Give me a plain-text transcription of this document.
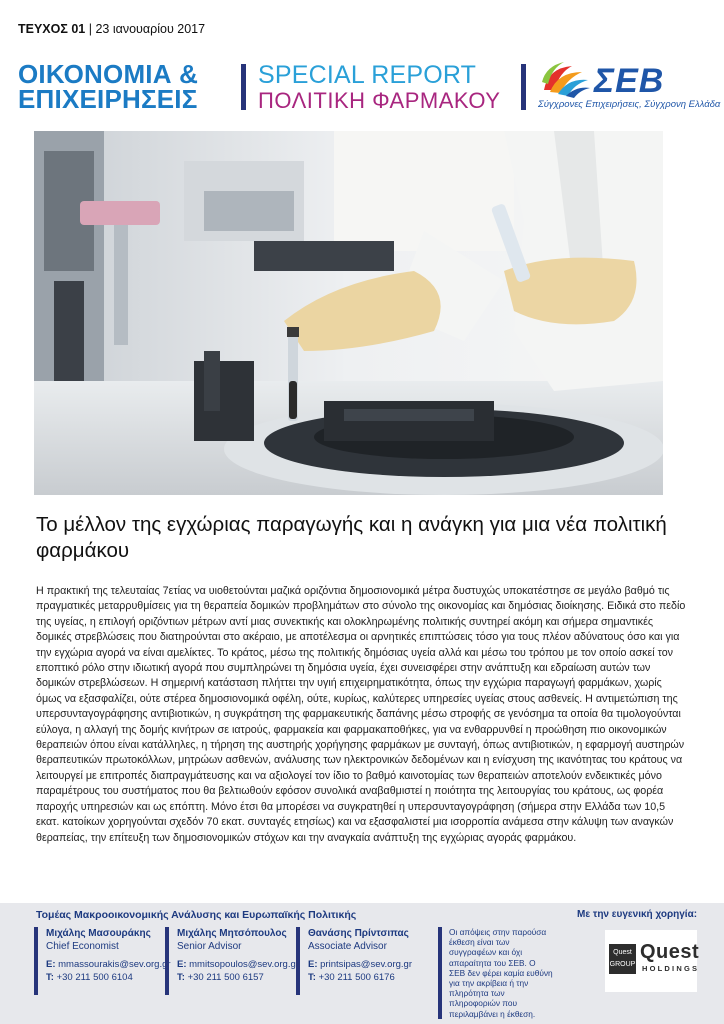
ΤΕΥΧΟΣ 01 | 23 ιανουαρίου 2017
ΟΙΚΟΝΟΜΙΑ &
ΕΠΙΧΕΙΡΗΣΕΙΣ
SPECIAL REPORT
ΠΟΛΙΤΙΚΗ ΦΑΡΜΑΚΟΥ
ΣΕΒ
Σύγχρονες Επιχειρήσεις, Σύγχρονη Ελλάδα
Το μέλλον της εγχώριας παραγωγής και η ανάγκη για μια νέα πολιτική φαρμάκου
Η πρακτική της τελευταίας 7ετίας να υιοθετούνται μαζικά οριζόντια δημοσιονομικά μέτρα δυστυχώς υποκατέστησε σε μεγάλο βαθμό τις πραγματικές μεταρρυθμίσεις για τη θεραπεία δομικών προβλημάτων στο σύνολο της οικονομίας και δημόσιας διοίκησης. Ειδικά στο πεδίο της υγείας, η επιλογή οριζόντιων μέτρων αντί μιας συνεκτικής και ολοκληρωμένης πολιτικής συντηρεί ακόμη και σήμερα σημαντικές δομικές στρεβλώσεις που διατηρούνται στο ακέραιο, με αποτέλεσμα οι αρνητικές επιπτώσεις τόσο για τους πλέον αδύνατους όσο και για την εγχώρια αγορά να είναι αμελίκτες. Το κράτος, μέσω της πολιτικής δημόσιας υγεία αλλά και μέσω του τρόπου με τον οποίο ασκεί τον εποπτικό ρόλο στην ιδιωτική αγορά που συμπληρώνει τη δημόσια υγεία, έχει συνεισφέρει στην ανάπτυξη και εδραίωση αυτών των δομικών στρεβλώσεων. Η σημερινή κατάσταση πλήττει την υγιή επιχειρηματικότητα, όπως την εγχώρια παραγωγή φαρμάκων, χωρίς όμως να εξασφαλίζει, ούτε στέρεα δημοσιονομικά οφέλη, ούτε, κυρίως, καλύτερες υπηρεσίες υγείας στους ασθενείς. Η αντιμετώπιση της υπερσυνταγογράφησης αντιβιοτικών, η συγκράτηση της φαρμακευτικής δαπάνης μέσω στροφής σε γενόσημα τα οποία θα τιμολογούνται εύλογα, η αλλαγή της δομής κινήτρων σε ιατρούς, φαρμακεία και φαρμακαποθήκες, για να ενθαρρυνθεί η προώθηση πιο οικονομικών θεραπειών όπου είναι κατάλληλες, η τήρηση της αυστηρής χορήγησης φαρμάκων με συνταγή, όπως αντιβιοτικών, η εφαρμογή αυστηρών θεραπευτικών πρωτοκόλλων, μητρώων ασθενών, ανάλυσης των ηλεκτρονικών δεδομένων και η ενίσχυση της ικανότητας του κράτους να λειτουργεί με επιτροπές διαπραγμάτευσης και να αξιολογεί τον ίδιο το βαθμό καινοτομίας των θεραπειών αποτελούν ενδεικτικές μόνο παραμέτρους του συστήματος που θα βελτιωθούν εφόσον συνολικά αναβαθμιστεί η ποιότητα της λειτουργίας του κράτους, ως φορέα παροχής υπηρεσιών και ως επόπτη. Μόνο έτσι θα μπορέσει να συγκρατηθεί η υπερσυνταγογράφηση (σήμερα στην Ελλάδα των 10,5 εκατ. κατοίκων χορηγούνται σχεδόν 70 εκατ. συνταγές ετησίως) και να εξασφαλιστεί μια ισορροπία ανάμεσα στην κάλυψη των αναγκών θεραπείας, την επίτευξη των δημοσιονομικών στόχων και την αναγκαία ανάπτυξη της εγχώριας αγοράς φαρμάκου.
Τομέας Μακροοικονομικής Ανάλυσης και Ευρωπαϊκής Πολιτικής
Μιχάλης Μασουράκης
Chief Economist
E: mmassourakis@sev.org.gr
T: +30 211 500 6104
Μιχάλης Μητσόπουλος
Senior Advisor
E: mmitsopoulos@sev.org.gr
T: +30 211 500 6157
Θανάσης Πρίντσιπας
Associate Advisor
E: printsipas@sev.org.gr
T: +30 211 500 6176
Οι απόψεις στην παρούσα έκθεση είναι των συγγραφέων και όχι απαραίτητα του ΣΕΒ. Ο ΣΕΒ δεν φέρει καμία ευθύνη για την ακρίβεια ή την πληρότητα των πληροφοριών που περιλαμβάνει η έκθεση.
Με την ευγενική χορηγία:
Quest
GROUP
Quest
HOLDINGS
